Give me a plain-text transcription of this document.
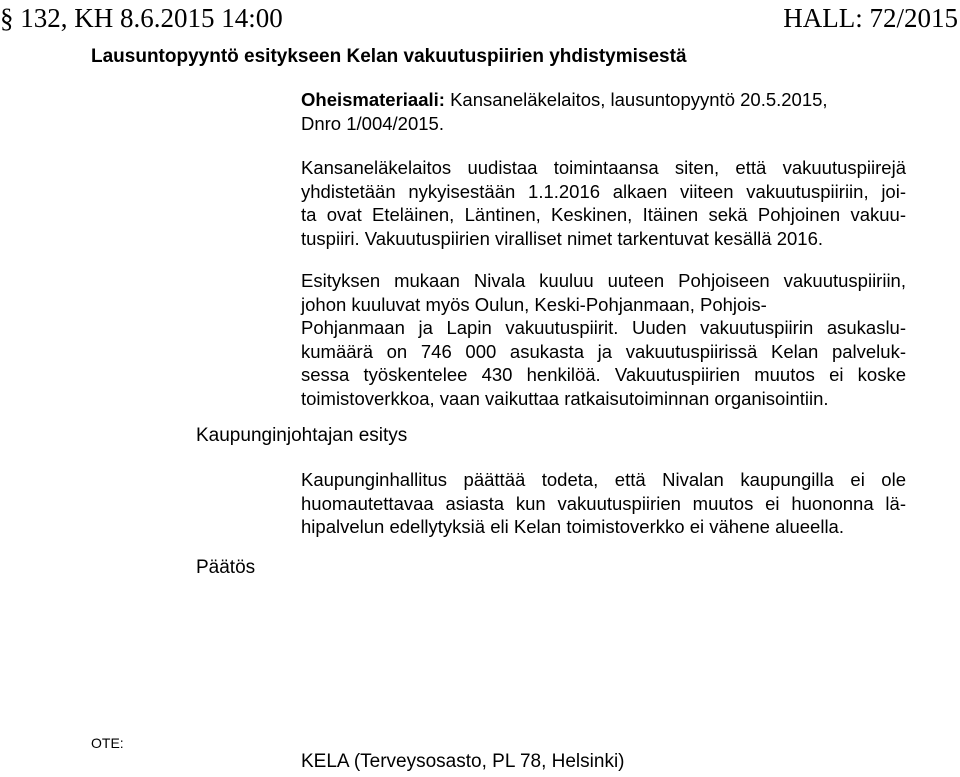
§ 132, KH 8.6.2015 14:00	HALL: 72/2015
Lausuntopyyntö esitykseen Kelan vakuutuspiirien yhdistymisestä
Oheismateriaali: Kansaneläkelaitos, lausuntopyyntö 20.5.2015,
Dnro 1/004/2015.
Kansaneläkelaitos uudistaa toimintaansa siten, että vakuutuspiirejä
yhdistetään nykyisestään 1.1.2016 alkaen viiteen vakuutuspiiriin, joi-
ta ovat Eteläinen, Läntinen, Keskinen, Itäinen sekä Pohjoinen vakuu-
tuspiiri. Vakuutuspiirien viralliset nimet tarkentuvat kesällä 2016.
Esityksen mukaan Nivala kuuluu uuteen Pohjoiseen vakuutuspiiriin,
johon kuuluvat myös Oulun, Keski-Pohjanmaan, Pohjois-
Pohjanmaan ja Lapin vakuutuspiirit. Uuden vakuutuspiirin asukaslu-
kumäärä on 746 000 asukasta ja vakuutuspiirissä Kelan palveluk-
sessa työskentelee 430 henkilöä. Vakuutuspiirien muutos ei koske
toimistoverkkoa, vaan vaikuttaa ratkaisutoiminnan organisointiin.
Kaupunginjohtajan esitys
Kaupunginhallitus päättää todeta, että Nivalan kaupungilla ei ole
huomautettavaa asiasta kun vakuutuspiirien muutos ei huononna lä-
hipalvelun edellytyksiä eli Kelan toimistoverkko ei vähene alueella.
Päätös
OTE:
KELA (Terveysosasto, PL 78, Helsinki)
